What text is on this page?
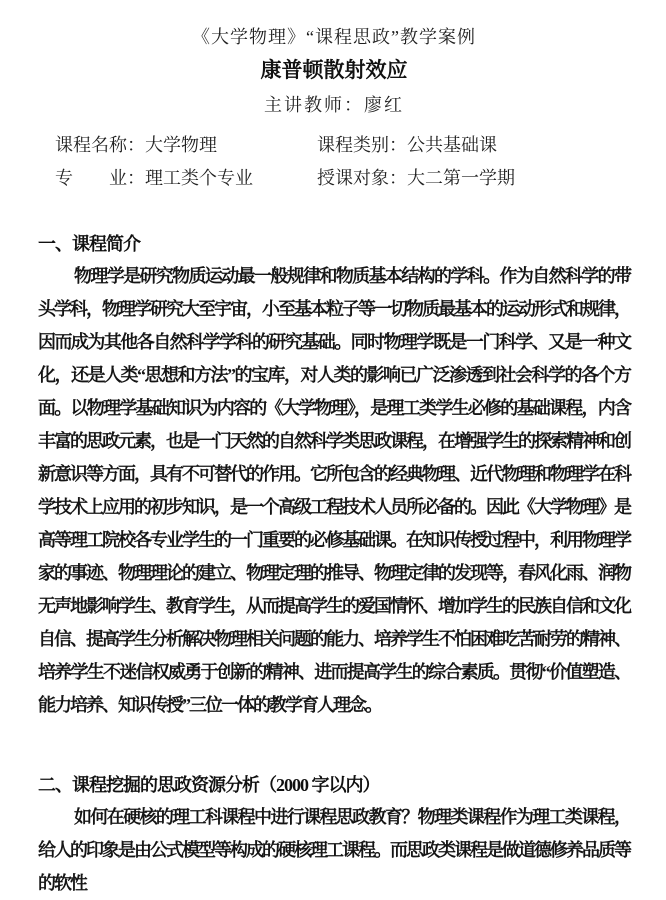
《大学物理》“课程思政”教学案例
康普顿散射效应
主讲教师：廖红
课程名称：大学物理	课程类别：公共基础课
专　　业：理工类个专业	授课对象：大二第一学期
一、课程简介

物理学是研究物质运动最一般规律和物质基本结构的学科。作为自然科学的带头学科，物理学研究大至宇宙，小至基本粒子等一切物质最基本的运动形式和规律，因而成为其他各自然科学学科的研究基础。同时物理学既是一门科学、又是一种文化，还是人类“思想和方法”的宝库，对人类的影响已广泛渗透到社会科学的各个方面。以物理学基础知识为内容的《大学物理》，是理工类学生必修的基础课程，内含丰富的思政元素，也是一门天然的自然科学类思政课程，在增强学生的探索精神和创新意识等方面，具有不可替代的作用。它所包含的经典物理、近代物理和物理学在科学技术上应用的初步知识，是一个高级工程技术人员所必备的。因此《大学物理》是高等理工院校各专业学生的一门重要的必修基础课。在知识传授过程中，利用物理学家的事迹、物理理论的建立、物理定理的推导、物理定律的发现等，春风化雨、润物无声地影响学生、教育学生，从而提高学生的爱国情怀、增加学生的民族自信和文化自信、提高学生分析解决物理相关问题的能力、培养学生不怕困难吃苦耐劳的精神、培养学生不迷信权威勇于创新的精神、进而提高学生的综合素质。贯彻“价值塑造、能力培养、知识传授”三位一体的教学育人理念。

二、课程挖掘的思政资源分析（2000 字以内）

如何在硬核的理工科课程中进行课程思政教育？物理类课程作为理工类课程，给人的印象是由公式模型等构成的硬核理工课程。而思政类课程是做道德修养品质等的软性
